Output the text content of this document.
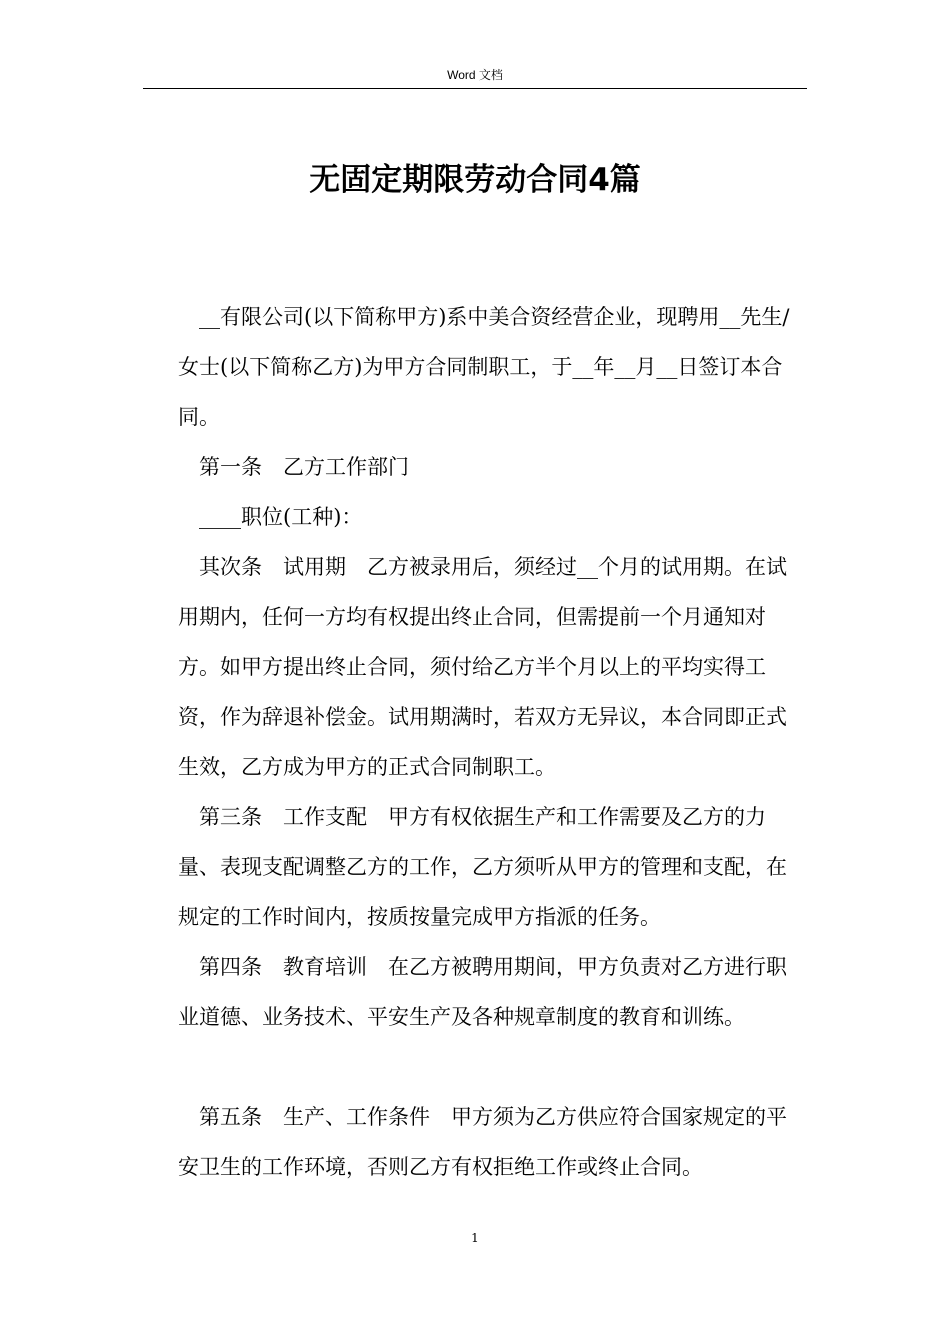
Word 文档
无固定期限劳动合同4篇

__有限公司(以下简称甲方)系中美合资经营企业，现聘用__先生/女士(以下简称乙方)为甲方合同制职工，于__年__月__日签订本合同。

第一条　乙方工作部门

____职位(工种)：

其次条　试用期　乙方被录用后，须经过__个月的试用期。在试用期内，任何一方均有权提出终止合同，但需提前一个月通知对方。如甲方提出终止合同，须付给乙方半个月以上的平均实得工资，作为辞退补偿金。试用期满时，若双方无异议，本合同即正式生效，乙方成为甲方的正式合同制职工。

第三条　工作支配　甲方有权依据生产和工作需要及乙方的力量、表现支配调整乙方的工作，乙方须听从甲方的管理和支配，在规定的工作时间内，按质按量完成甲方指派的任务。

第四条　教育培训　在乙方被聘用期间，甲方负责对乙方进行职业道德、业务技术、平安生产及各种规章制度的教育和训练。

第五条　生产、工作条件　甲方须为乙方供应符合国家规定的平安卫生的工作环境，否则乙方有权拒绝工作或终止合同。

1
